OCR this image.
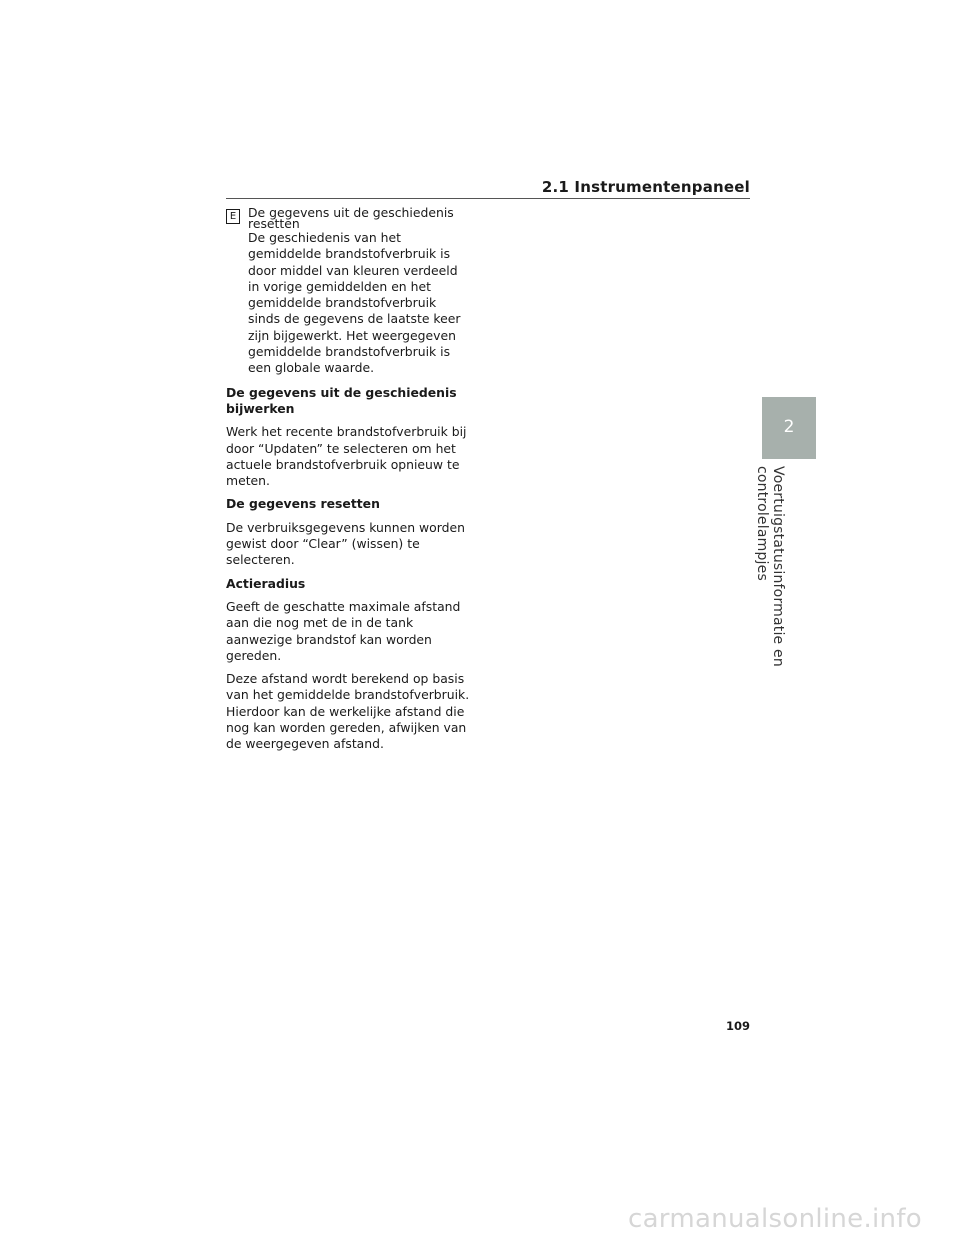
2.1 Instrumentenpaneel
2
Voertuigstatusinformatie en controlelampjes
E De gegevens uit de geschiedenis resetten

De geschiedenis van het gemiddelde brandstofverbruik is door middel van kleuren verdeeld in vorige gemiddelden en het gemiddelde brandstofverbruik sinds de gegevens de laatste keer zijn bijgewerkt. Het weergegeven gemiddelde brandstofverbruik is een globale waarde.

De gegevens uit de geschiedenis bijwerken

Werk het recente brandstofverbruik bij door “Updaten” te selecteren om het actuele brandstofverbruik opnieuw te meten.

De gegevens resetten

De verbruiksgegevens kunnen worden gewist door “Clear” (wissen) te selecteren.

Actieradius

Geeft de geschatte maximale afstand aan die nog met de in de tank aanwezige brandstof kan worden gereden.

Deze afstand wordt berekend op basis van het gemiddelde brandstofverbruik. Hierdoor kan de werkelijke afstand die nog kan worden gereden, afwijken van de weergegeven afstand.

109
carmanualsonline.info
